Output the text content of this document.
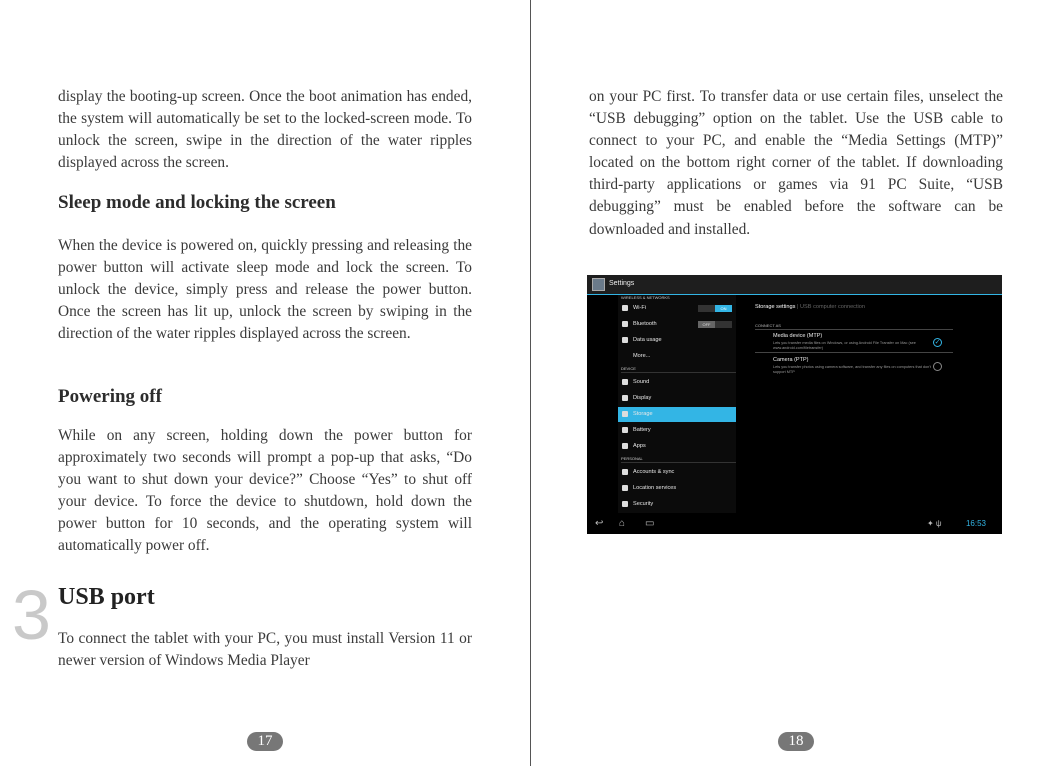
display the booting-up screen. Once the boot animation has ended, the system will automatically be set to the locked-screen mode. To unlock the screen, swipe in the direction of the water ripples displayed across the screen.

Sleep mode and locking the screen

When the device is powered on, quickly pressing and releasing the power button will activate sleep mode and lock the screen. To unlock the device, simply press and release the power button. Once the screen has lit up, unlock the screen by swiping in the direction of the water ripples displayed across the screen.

Powering off

While on any screen, holding down the power button for approximately two seconds will prompt a pop-up that asks, “Do you want to shut down your device?” Choose “Yes” to shut off your device. To force the device to shutdown, hold down the power button for 10 seconds, and the operating system will automatically power off.

3 USB port

To connect the tablet with your PC, you must install Version 11 or newer version of Windows Media Player

17

on your PC first. To transfer data or use certain files, unselect the “USB debugging” option on the tablet. Use the USB cable to connect to your PC, and enable the “Media Settings (MTP)” located on the bottom right corner of the tablet. If downloading third-party applications or games via 91 PC Suite, “USB debugging” must be enabled before the software can be downloaded and installed.

Settings
WIRELESS & NETWORKS
Wi-Fi	ON
Bluetooth	OFF
Data usage
More...
DEVICE
Sound
Display
Storage
Battery
Apps
PERSONAL
Accounts & sync
Location services
Security
Storage settings | USB computer connection
CONNECT AS
Media device (MTP)
Lets you transfer media files on Windows, or using Android File Transfer on Mac (see www.android.com/filetransfer)
✓
Camera (PTP)
Lets you transfer photos using camera software, and transfer any files on computers that don't support MTP
↩ ⌂ ▭	✦ ψ	16:53
18
